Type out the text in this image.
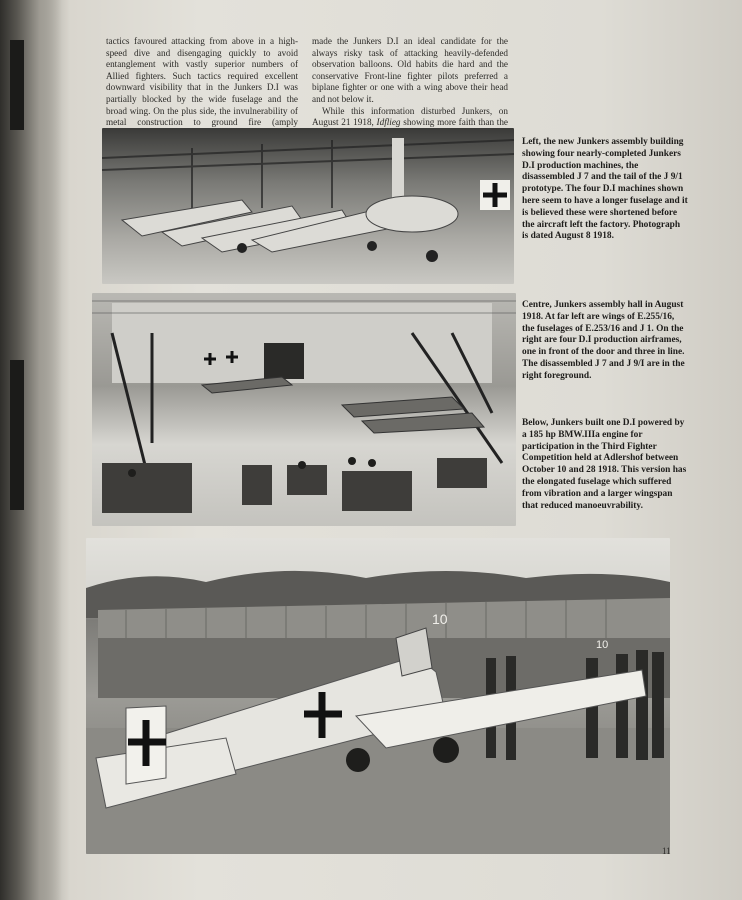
tactics favoured attacking from above in a high-speed dive and disengaging quickly to avoid entanglement with vastly superior numbers of Allied fighters. Such tactics required excellent downward visibility that in the Junkers D.I was partially blocked by the wide fuselage and the broad wing. On the plus side, the invulnerability of metal construction to ground fire (amply

made the Junkers D.I an ideal candidate for the always risky task of attacking heavily-defended observation balloons. Old habits die hard and the conservative Front-line fighter pilots preferred a biplane fighter or one with a wing above their head and not below it.

While this information disturbed Junkers, on August 21 1918, Idflieg showing more faith than the

10
10
Left, the new Junkers assembly building showing four nearly-completed Junkers D.I production machines, the disassembled J 7 and the tail of the J 9/1 prototype. The four D.I machines shown here seem to have a longer fuselage and it is believed these were shortened before the aircraft left the factory. Photograph is dated August 8 1918.
Centre, Junkers assembly hall in August 1918. At far left are wings of E.255/16, the fuselages of E.253/16 and J 1. On the right are four D.I production airframes, one in front of the door and three in line. The disassembled J 7 and J 9/I are in the right foreground.
Below, Junkers built one D.I powered by a 185 hp BMW.IIIa engine for participation in the Third Fighter Competition held at Adlershof between October 10 and 28 1918. This version has the elongated fuselage which suffered from vibration and a larger wingspan that reduced manoeuvrability.
11
